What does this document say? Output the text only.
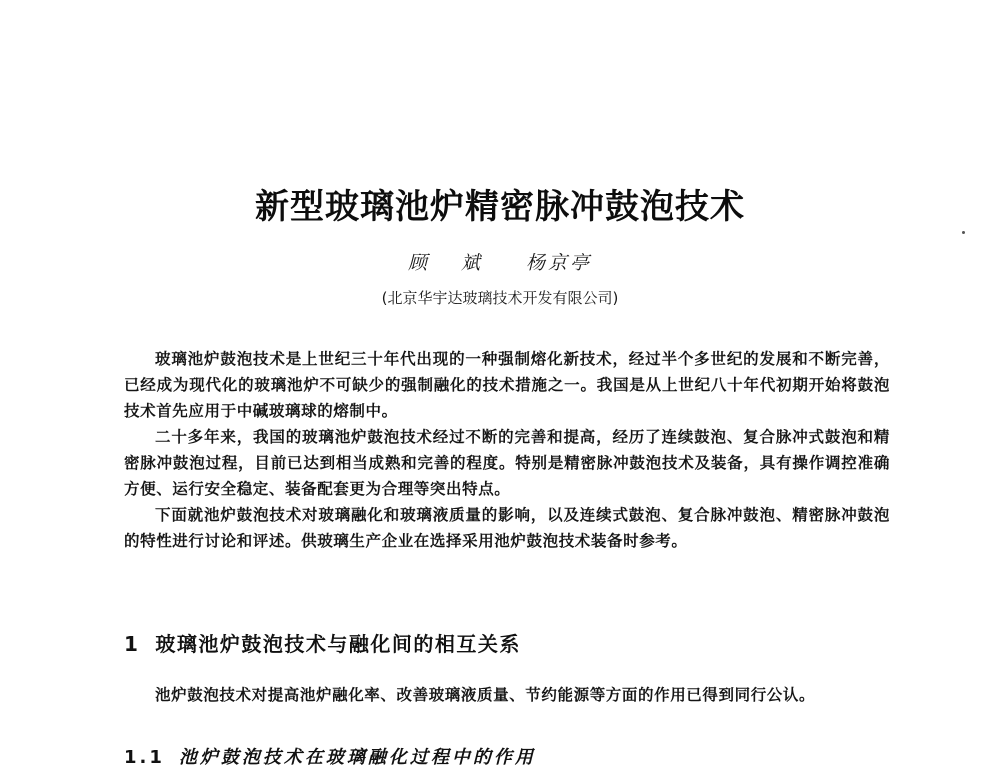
新型玻璃池炉精密脉冲鼓泡技术
顾 斌 杨京亭
(北京华宇达玻璃技术开发有限公司)

玻璃池炉鼓泡技术是上世纪三十年代出现的一种强制熔化新技术，经过半个多世纪的发展和不断完善，已经成为现代化的玻璃池炉不可缺少的强制融化的技术措施之一。我国是从上世纪八十年代初期开始将鼓泡技术首先应用于中碱玻璃球的熔制中。

二十多年来，我国的玻璃池炉鼓泡技术经过不断的完善和提高，经历了连续鼓泡、复合脉冲式鼓泡和精密脉冲鼓泡过程，目前已达到相当成熟和完善的程度。特别是精密脉冲鼓泡技术及装备，具有操作调控准确方便、运行安全稳定、装备配套更为合理等突出特点。

下面就池炉鼓泡技术对玻璃融化和玻璃液质量的影响，以及连续式鼓泡、复合脉冲鼓泡、精密脉冲鼓泡的特性进行讨论和评述。供玻璃生产企业在选择采用池炉鼓泡技术装备时参考。

1 玻璃池炉鼓泡技术与融化间的相互关系

池炉鼓泡技术对提高池炉融化率、改善玻璃液质量、节约能源等方面的作用已得到同行公认。

1.1 池炉鼓泡技术在玻璃融化过程中的作用
